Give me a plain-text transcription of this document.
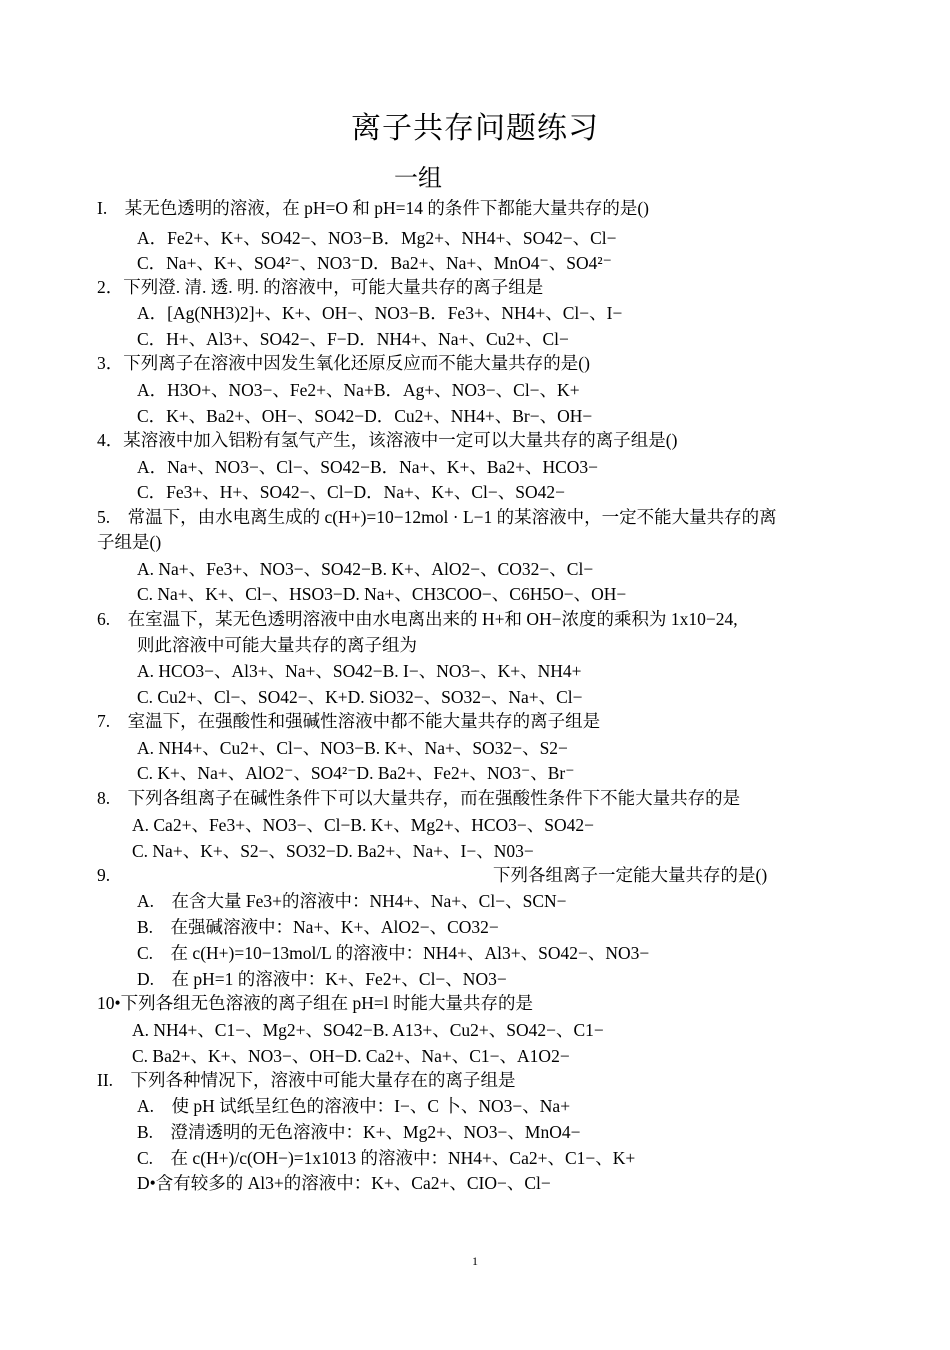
离子共存问题练习
一组
I.　某无色透明的溶液，在 pH=O 和 pH=14 的条件下都能大量共存的是()
A．Fe2+、K+、SO42−、NO3−B．Mg2+、NH4+、SO42−、Cl−
C．Na+、K+、SO4²⁻、NO3⁻D．Ba2+、Na+、MnO4⁻、SO4²⁻
2．下列澄. 清. 透. 明. 的溶液中，可能大量共存的离子组是
A．[Ag(NH3)2]+、K+、OH−、NO3−B．Fe3+、NH4+、Cl−、I−
C．H+、Al3+、SO42−、F−D．NH4+、Na+、Cu2+、Cl−
3．下列离子在溶液中因发生氧化还原反应而不能大量共存的是()
A．H3O+、NO3−、Fe2+、Na+B．Ag+、NO3−、Cl−、K+
C．K+、Ba2+、OH−、SO42−D．Cu2+、NH4+、Br−、OH−
4．某溶液中加入铝粉有氢气产生，该溶液中一定可以大量共存的离子组是()
A．Na+、NO3−、Cl−、SO42−B．Na+、K+、Ba2+、HCO3−
C．Fe3+、H+、SO42−、Cl−D．Na+、K+、Cl−、SO42−
5.　常温下，由水电离生成的 c(H+)=10−12mol · L−1 的某溶液中，一定不能大量共存的离
子组是()
A. Na+、Fe3+、NO3−、SO42−B. K+、AlO2−、CO32−、Cl−
C. Na+、K+、Cl−、HSO3−D. Na+、CH3COO−、C6H5O−、OH−
6.　在室温下，某无色透明溶液中由水电离出来的 H+和 OH−浓度的乘积为 1x10−24,
则此溶液中可能大量共存的离子组为
A. HCO3−、Al3+、Na+、SO42−B. I−、NO3−、K+、NH4+
C. Cu2+、Cl−、SO42−、K+D. SiO32−、SO32−、Na+、Cl−
7.　室温下，在强酸性和强碱性溶液中都不能大量共存的离子组是
A. NH4+、Cu2+、Cl−、NO3−B. K+、Na+、SO32−、S2−
C. K+、Na+、AlO2⁻、SO4²⁻D. Ba2+、Fe2+、NO3⁻、Br⁻
8.　下列各组离子在碱性条件下可以大量共存，而在强酸性条件下不能大量共存的是
A. Ca2+、Fe3+、NO3−、Cl−B. K+、Mg2+、HCO3−、SO42−
C. Na+、K+、S2−、SO32−D. Ba2+、Na+、I−、N03−
9.	下列各组离子一定能大量共存的是()
A.　在含大量 Fe3+的溶液中：NH4+、Na+、Cl−、SCN−
B.　在强碱溶液中：Na+、K+、AlO2−、CO32−
C.　在 c(H+)=10−13mol/L 的溶液中：NH4+、Al3+、SO42−、NO3−
D.　在 pH=1 的溶液中：K+、Fe2+、Cl−、NO3−
10•下列各组无色溶液的离子组在 pH=l 时能大量共存的是
A. NH4+、C1−、Mg2+、SO42−B. A13+、Cu2+、SO42−、C1−
C. Ba2+、K+、NO3−、OH−D. Ca2+、Na+、C1−、A1O2−
II.　下列各种情况下，溶液中可能大量存在的离子组是
A.　使 pH 试纸呈红色的溶液中：I−、C 卜、NO3−、Na+
B.　澄清透明的无色溶液中：K+、Mg2+、NO3−、MnO4−
C.　在 c(H+)/c(OH−)=1x1013 的溶液中：NH4+、Ca2+、C1−、K+
D•含有较多的 Al3+的溶液中：K+、Ca2+、CIO−、Cl−
1
